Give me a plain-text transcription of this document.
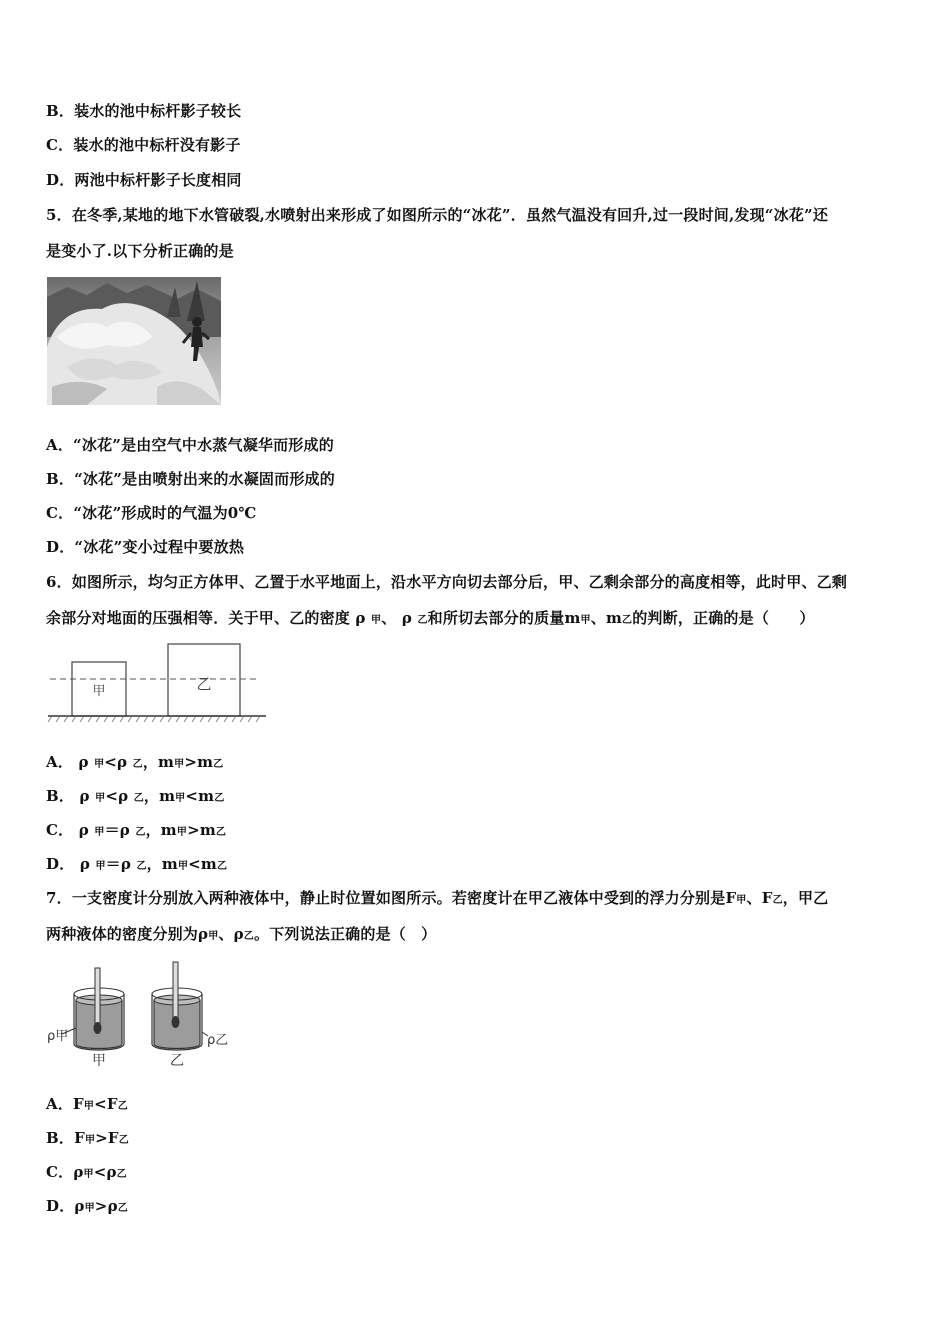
B．装水的池中标杆影子较长
C．装水的池中标杆没有影子
D．两池中标杆影子长度相同
5．在冬季,某地的地下水管破裂,水喷射出来形成了如图所示的“冰花”．虽然气温没有回升,过一段时间,发现“冰花”还
是变小了.以下分析正确的是
A．“冰花”是由空气中水蒸气凝华而形成的
B．“冰花”是由喷射出来的水凝固而形成的
C．“冰花”形成时的气温为0℃
D．“冰花”变小过程中要放热
6．如图所示，均匀正方体甲、乙置于水平地面上，沿水平方向切去部分后，甲、乙剩余部分的高度相等，此时甲、乙剩
余部分对地面的压强相等．关于甲、乙的密度 ρ 甲、 ρ 乙和所切去部分的质量m甲、m乙的判断，正确的是（　　）
甲	乙
A． ρ 甲<ρ 乙，m甲>m乙
B． ρ 甲<ρ 乙，m甲<m乙
C． ρ 甲＝ρ 乙，m甲>m乙
D． ρ 甲＝ρ 乙，m甲<m乙
7．一支密度计分别放入两种液体中，静止时位置如图所示。若密度计在甲乙液体中受到的浮力分别是F甲、F乙，甲乙
两种液体的密度分别为ρ甲、ρ乙。下列说法正确的是（　）
ρ甲	ρ乙
甲	乙
A．F甲<F乙
B．F甲>F乙
C．ρ甲<ρ乙
D．ρ甲>ρ乙
